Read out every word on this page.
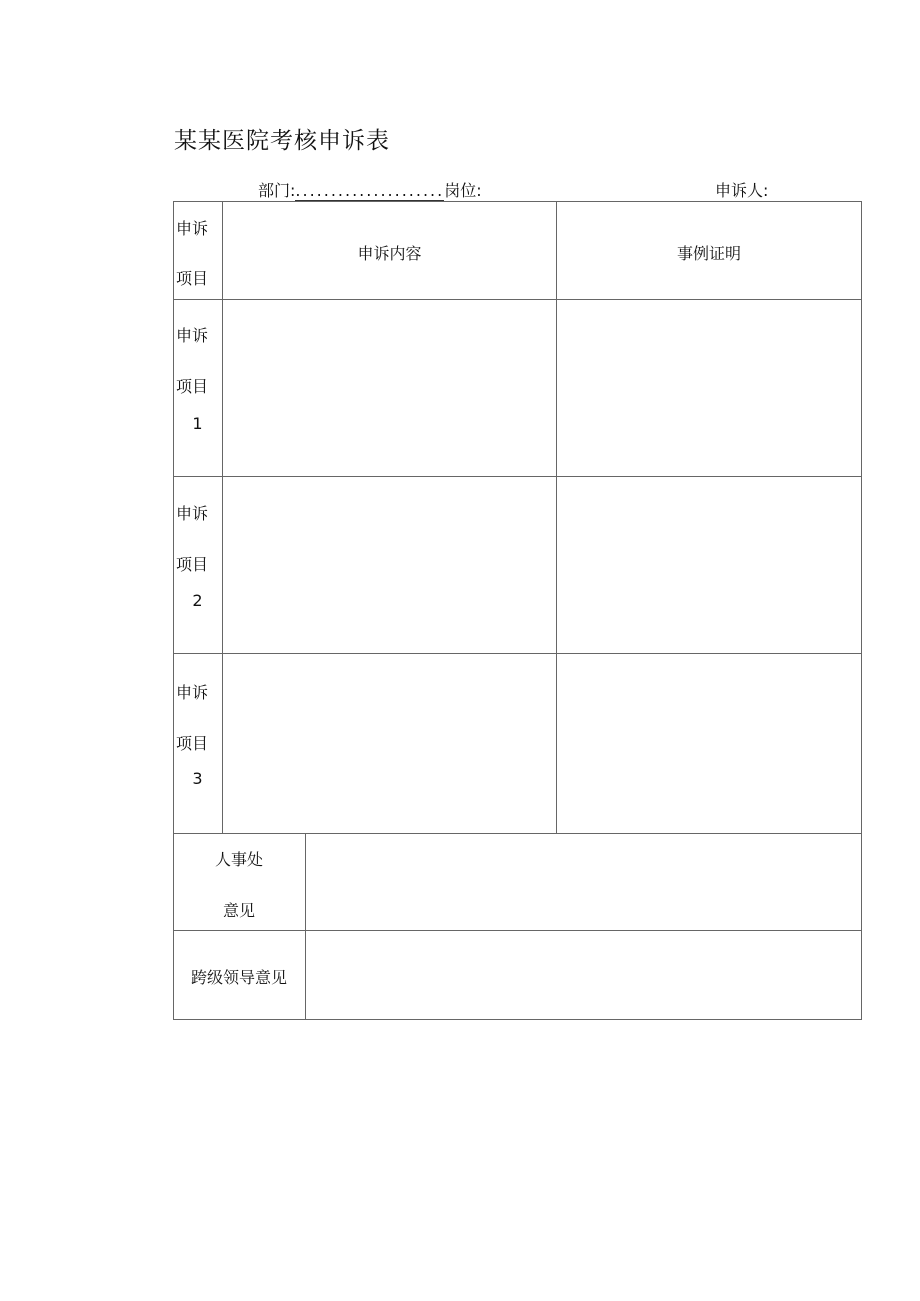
某某医院考核申诉表
部门:.....................岗位:	申诉人:
申诉
项目
申诉内容	事例证明
申诉
项目
1
申诉
项目
2
申诉
项目
3
人事处
意见
跨级领导意见
